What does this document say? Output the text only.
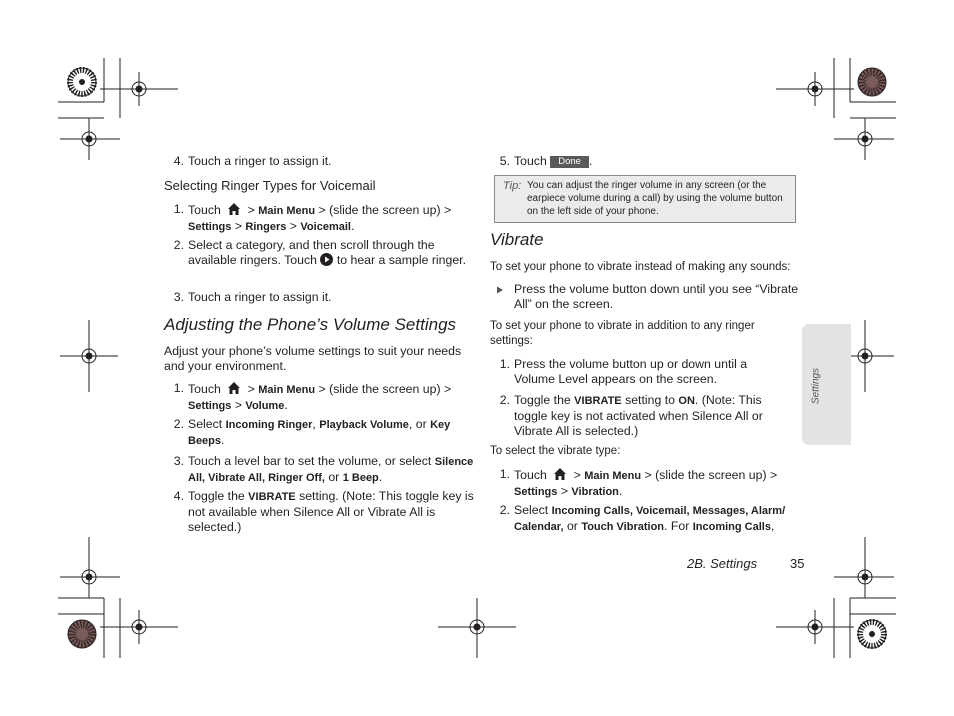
4. Touch a ringer to assign it.

Selecting Ringer Types for Voicemail

1. Touch  > Main Menu > (slide the screen up) > Settings > Ringers > Voicemail.
2. Select a category, and then scroll through the available ringers. Touch to hear a sample ringer.
3. Touch a ringer to assign it.

Adjusting the Phone’s Volume Settings

Adjust your phone’s volume settings to suit your needs and your environment.

1. Touch  > Main Menu > (slide the screen up) > Settings > Volume.
2. Select Incoming Ringer, Playback Volume, or Key Beeps.
3. Touch a level bar to set the volume, or select Silence All, Vibrate All, Ringer Off, or 1 Beep.
4. Toggle the VIBRATE setting. (Note: This toggle key is not available when Silence All or Vibrate All is selected.)
5. Touch Done .
Tip: You can adjust the ringer volume in any screen (or the earpiece volume during a call) by using the volume button on the left side of your phone.

Vibrate

To set your phone to vibrate instead of making any sounds:

Press the volume button down until you see “Vibrate All” on the screen.

To set your phone to vibrate in addition to any ringer settings:

1. Press the volume button up or down until a Volume Level appears on the screen.
2. Toggle the VIBRATE setting to ON. (Note: This toggle key is not activated when Silence All or Vibrate All is selected.)

To select the vibrate type:

1. Touch  > Main Menu > (slide the screen up) > Settings > Vibration.
2. Select Incoming Calls, Voicemail, Messages, Alarm/ Calendar, or Touch Vibration. For Incoming Calls,
Settings
2B. Settings	35
